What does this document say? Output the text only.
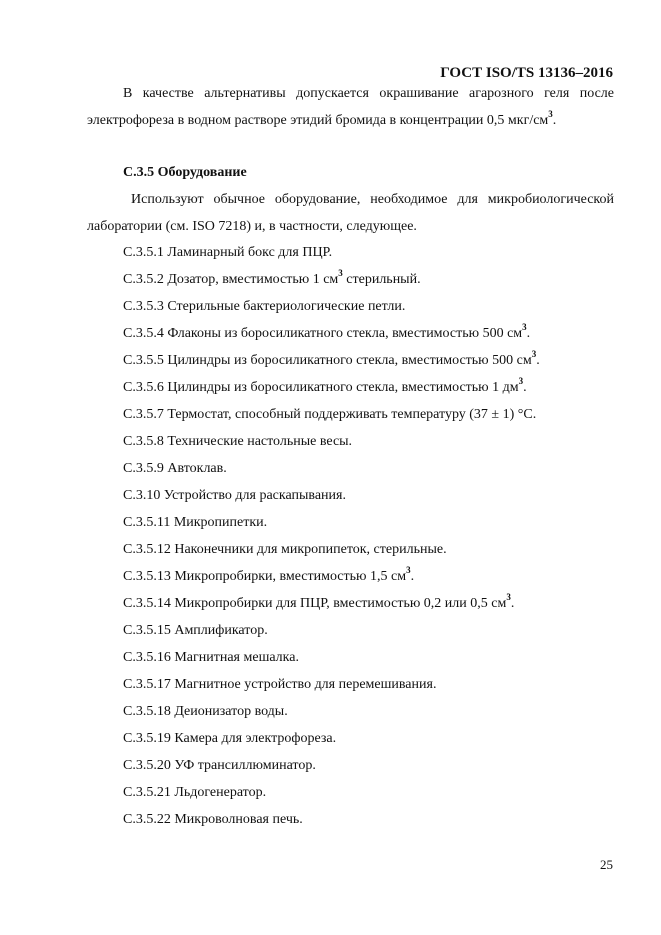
ГОСТ ISO/TS 13136–2016

В качестве альтернативы допускается окрашивание агарозного геля после электрофореза в водном растворе этидий бромида в концентрации 0,5 мкг/$см^3$.

С.3.5 Оборудование

Используют обычное оборудование, необходимое для микробиологической лаборатории (см. ISO 7218) и, в частности, следующее.

С.3.5.1 Ламинарный бокс для ПЦР.
С.3.5.2 Дозатор, вместимостью 1 $см^3$ стерильный.
С.3.5.3 Стерильные бактериологические петли.
С.3.5.4 Флаконы из боросиликатного стекла, вместимостью 500 $см^3$.
С.3.5.5 Цилиндры из боросиликатного стекла, вместимостью 500 $см^3$.
С.3.5.6 Цилиндры из боросиликатного стекла, вместимостью 1 $дм^3$.
С.3.5.7 Термостат, способный поддерживать температуру (37 ± 1) °С.
С.3.5.8 Технические настольные весы.
С.3.5.9 Автоклав.
С.3.10 Устройство для раскапывания.
С.3.5.11 Микропипетки.
С.3.5.12 Наконечники для микропипеток, стерильные.
С.3.5.13 Микропробирки, вместимостью 1,5 $см^3$.
С.3.5.14 Микропробирки для ПЦР, вместимостью 0,2 или 0,5 $см^3$.
С.3.5.15 Амплификатор.
С.3.5.16 Магнитная мешалка.
С.3.5.17 Магнитное устройство для перемешивания.
С.3.5.18 Деионизатор воды.
С.3.5.19 Камера для электрофореза.
С.3.5.20 УФ трансиллюминатор.
С.3.5.21 Льдогенератор.
С.3.5.22 Микроволновая печь.
25
